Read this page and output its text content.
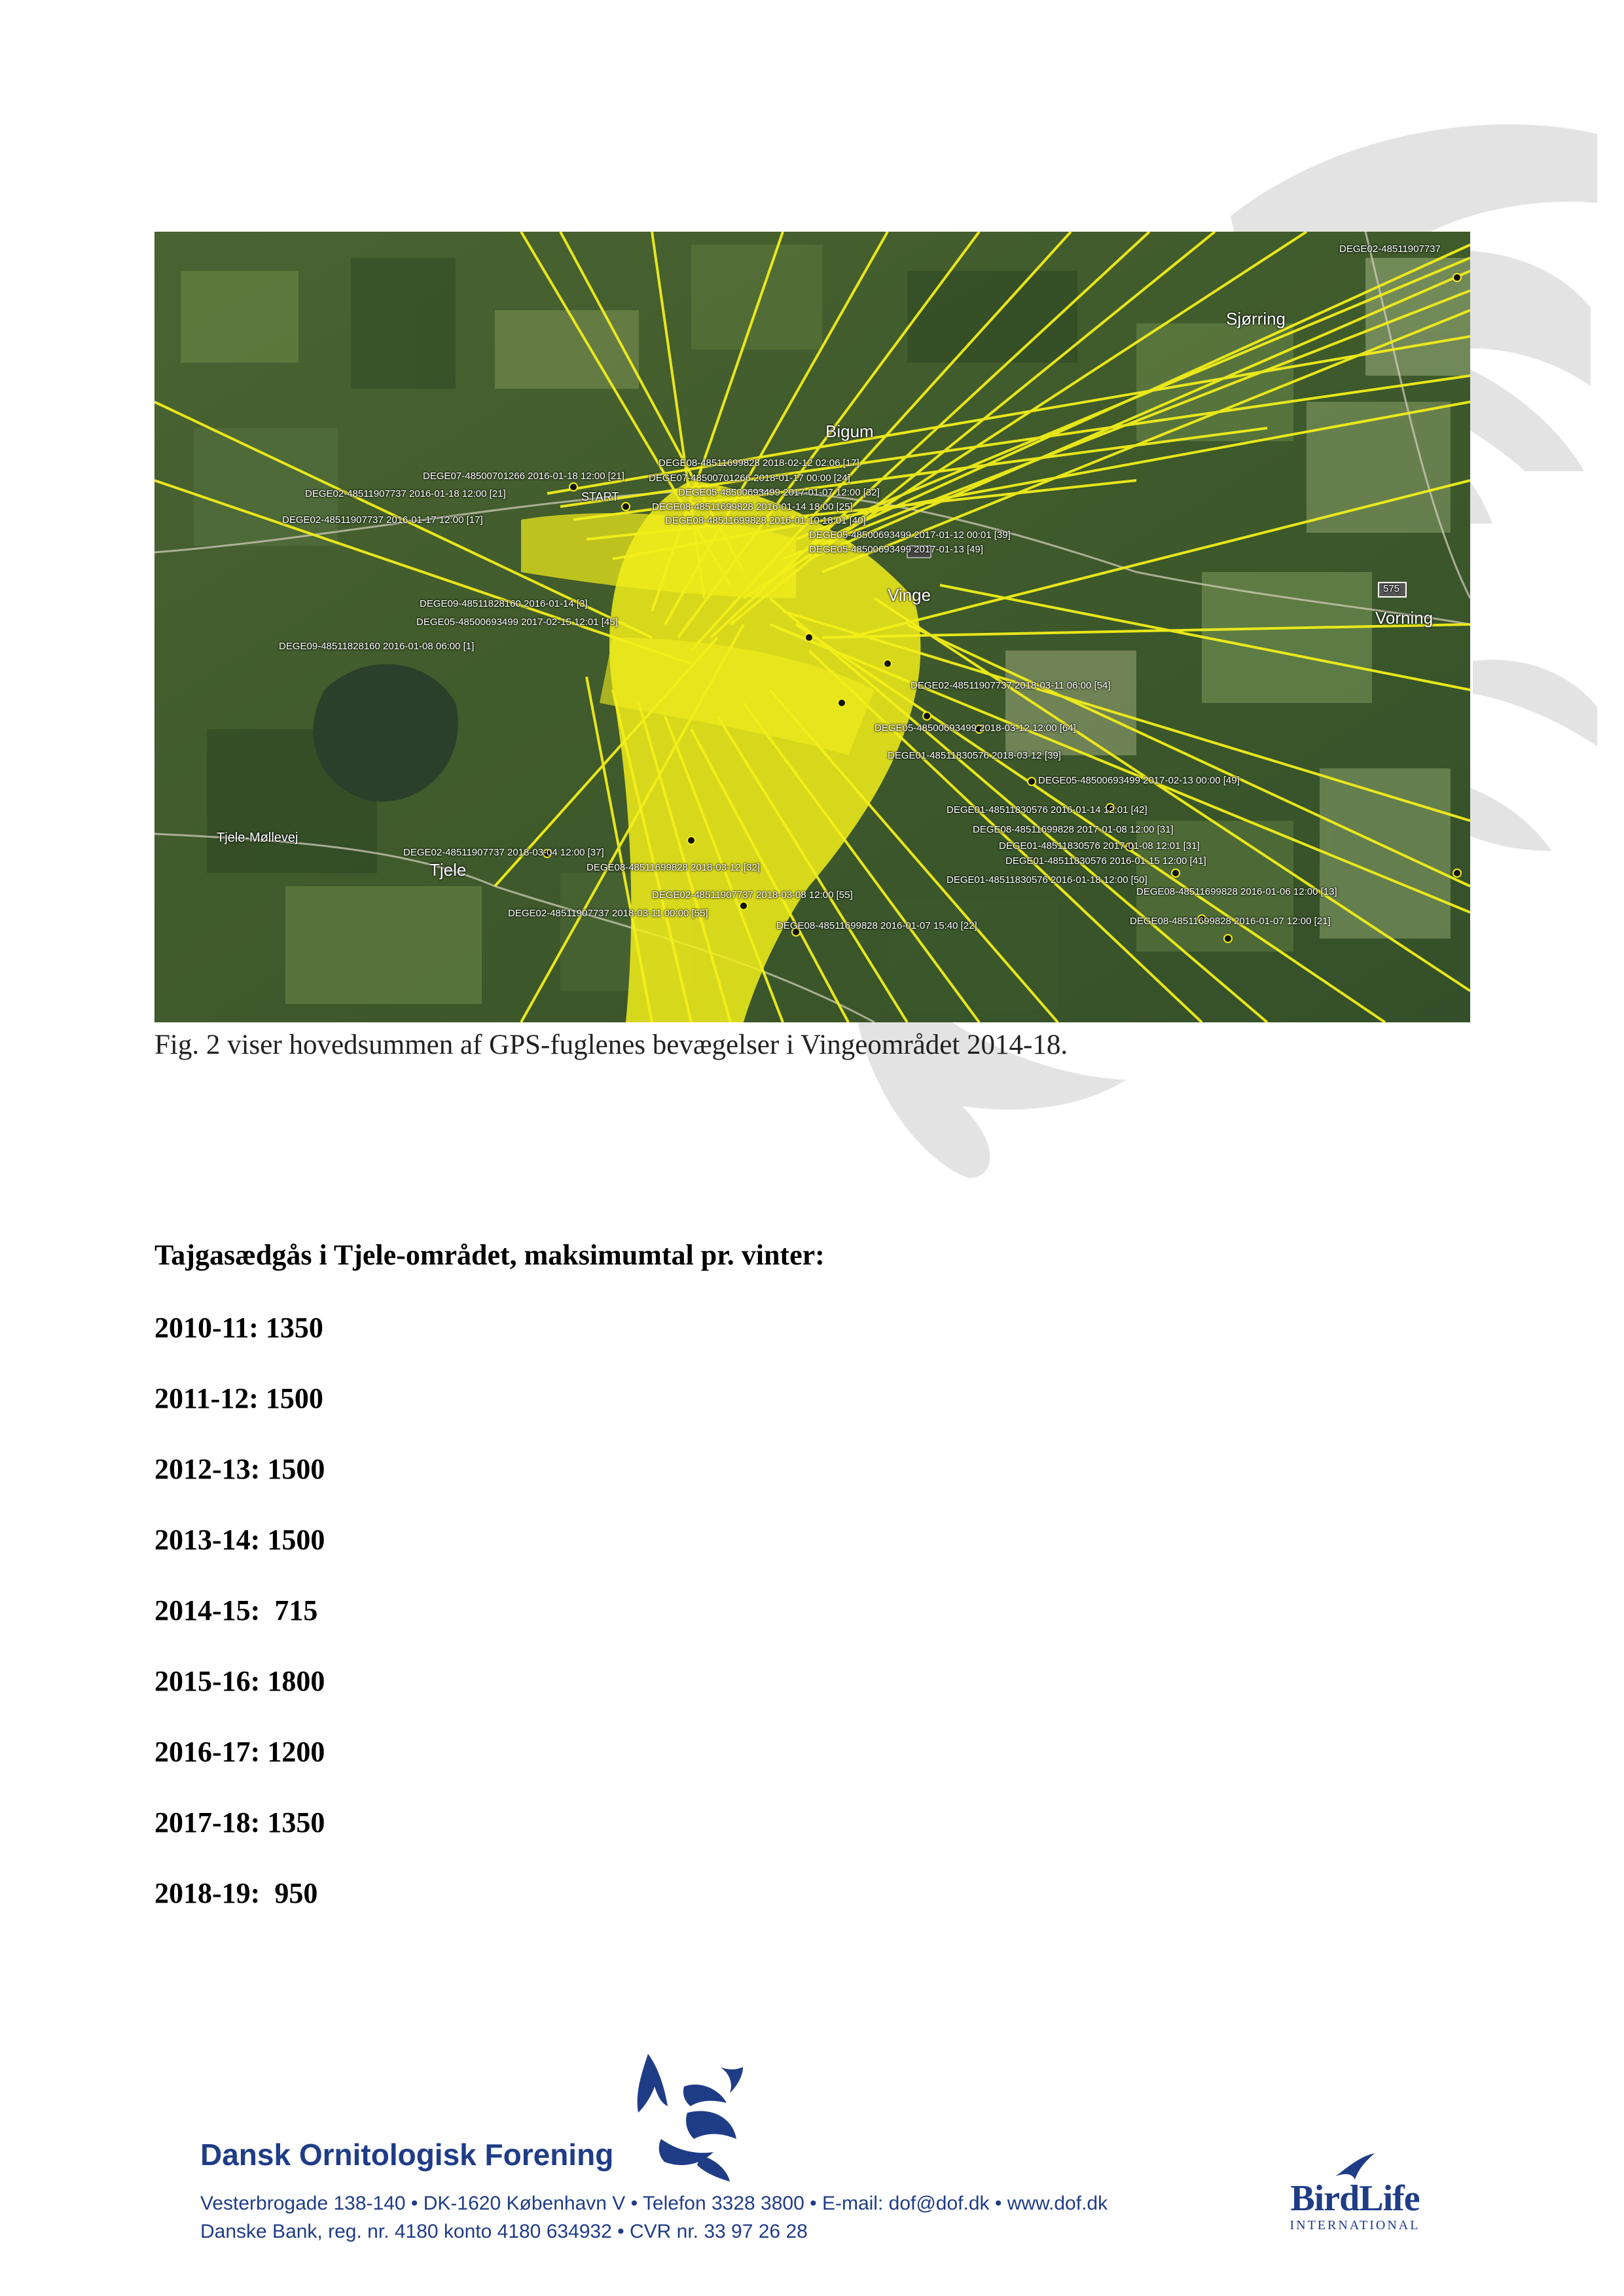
Sjørring
Bigum
Vinge
Vorning
Tjele
Tjele-Møllevej
575
START
DEGE02-48511907737
DEGE08-48511699828 2018-02-12 02:06 [17]
DEGE07-48500701266 2016-01-18 12:00 [21] DEGE07-48500701266 2018-01-17 00:00 [24]
DEGE02-48511907737 2016-01-18 12:00 [21]
DEGE02-48511907737 2016-01-17 12:00 [17]
DEGE05-48500693499 2017-01-07 12:00 [32]
DEGE08-48511699828 2016-01-14 18:00 [25]
DEGE08-48511699828 2016-01-10 18:01 [40]
DEGE05-48500693499 2017-01-12 00:01 [39]
DEGE05-48500693499 2017-01-13 [49]
DEGE09-48511828160 2016-01-14 [3]
DEGE09-48511828160 2016-01-08 06:00 [1]
DEGE05-48500693499 2017-02-15 12:01 [45]
DEGE02-48511907737 2018-03-11 06:00 [54]
DEGE05-48500693499 2018-03-12 12:00 [64]
DEGE01-48511830576 2018-03-12 [39]
DEGE05-48500693499 2017-02-13 00:00 [49]
DEGE01-48511830576 2016-01-14 12:01 [42]
DEGE08-48511699828 2017-01-08 12:00 [31]
DEGE01-48511830576 2017-01-08 12:01 [31]
DEGE02-48511907737 2018-03-04 12:00 [37]
DEGE08-48511699828 2018-03-12 [32]
DEGE01-48511830576 2016-01-15 12:00 [41]
DEGE01-48511830576 2016-01-18 12:00 [50]
DEGE08-48511699828 2016-01-06 12:00 [13]
DEGE02-48511907737 2018-03-08 12:00 [55]
DEGE08-48511699828 2016-01-07 12:00 [21]
DEGE08-48511699828 2016-01-07 15:40 [22]
DEGE02-48511907737 2018-03-11 00:00 [55]
Fig. 2 viser hovedsummen af GPS-fuglenes bevægelser i Vingeområdet 2014-18.
Tajgasædgås i Tjele-området, maksimumtal pr. vinter:
2010-11: 1350
2011-12: 1500
2012-13: 1500
2013-14: 1500
2014-15: 715
2015-16: 1800
2016-17: 1200
2017-18: 1350
2018-19: 950
Dansk Ornitologisk Forening
Vesterbrogade 138-140 • DK-1620 København V • Telefon 3328 3800 • E-mail: dof@dof.dk • www.dof.dk
Danske Bank, reg. nr. 4180 konto 4180 634932 • CVR nr. 33 97 26 28
BirdLife
INTERNATIONAL
